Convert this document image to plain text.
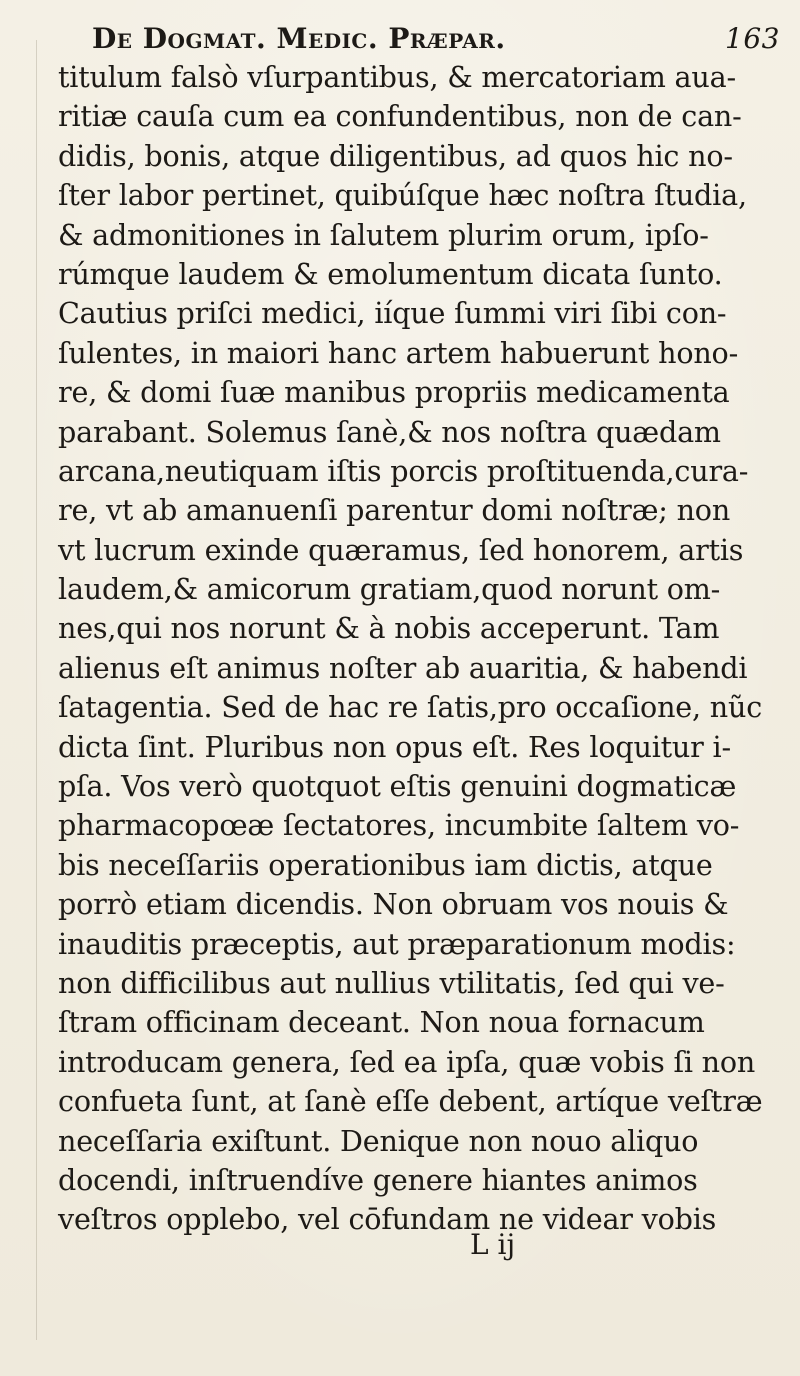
De Dogmat. Medic. Præpar.	163
titulum falsò vſurpantibus, & mercatoriam aua-
ritiæ cauſa cum ea confundentibus, non de can-
didis, bonis, atque diligentibus, ad quos hic no-
ſter labor pertinet, quibúſque hæc noſtra ſtudia,
& admonitiones in ſalutem plurim orum, ipſo-
rúmque laudem & emolumentum dicata ſunto.
Cautius priſci medici, iíque ſummi viri ſibi con-
ſulentes, in maiori hanc artem habuerunt hono-
re, & domi ſuæ manibus propriis medicamenta
parabant. Solemus ſanè,& nos noſtra quædam
arcana,neutiquam iſtis porcis proſtituenda,cura-
re, vt ab amanuenſi parentur domi noſtræ; non
vt lucrum exinde quæramus, ſed honorem, artis
laudem,& amicorum gratiam,quod norunt om-
nes,qui nos norunt & à nobis acceperunt. Tam
alienus eſt animus noſter ab auaritia, & habendi
ſatagentia. Sed de hac re ſatis,pro occaſione, nũc
dicta ſint. Pluribus non opus eſt. Res loquitur i-
pſa. Vos verò quotquot eſtis genuini dogmaticæ
pharmacopœæ ſectatores, incumbite ſaltem vo-
bis neceſſariis operationibus iam dictis, atque
porrò etiam dicendis. Non obruam vos nouis &
inauditis præceptis, aut præparationum modis:
non difficilibus aut nullius vtilitatis, ſed qui ve-
ſtram officinam deceant. Non noua fornacum
introducam genera, ſed ea ipſa, quæ vobis ſi non
confueta ſunt, at ſanè eſſe debent, artíque veſtræ
neceſſaria exiſtunt. Denique non nouo aliquo
docendi, inſtruendíve genere hiantes animos
veſtros opplebo, vel cōfundam ne videar vobis
L ij
